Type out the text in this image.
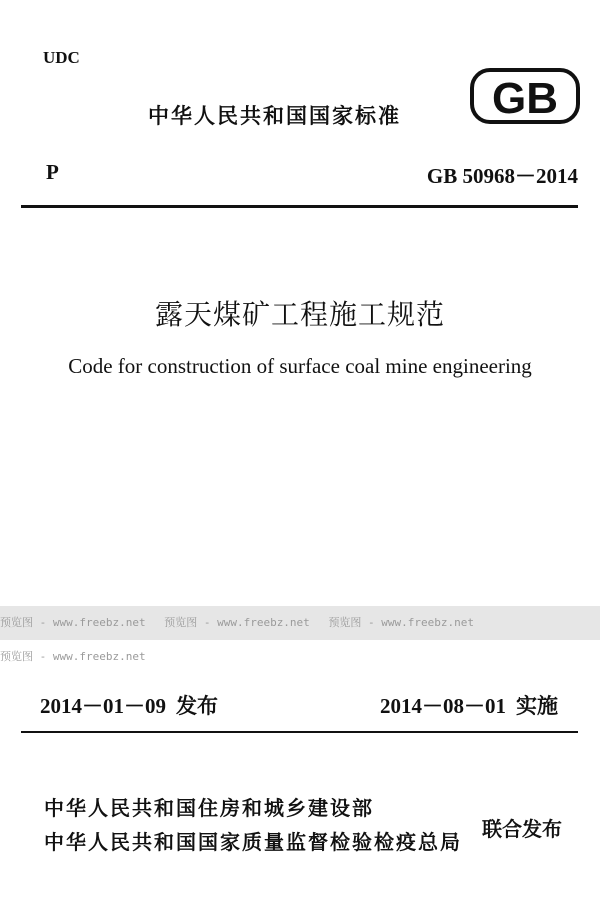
UDC
中华人民共和国国家标准 GB
P	GB 50968－2014
露天煤矿工程施工规范
Code for construction of surface coal mine engineering
预览图 - www.freebz.net 预览图 - www.freebz.net 预览图 - www.freebz.net 预览图 - www.freebz.net
2014－01－09 发布	2014－08－01 实施
中华人民共和国住房和城乡建设部
中华人民共和国国家质量监督检验检疫总局
联合发布
